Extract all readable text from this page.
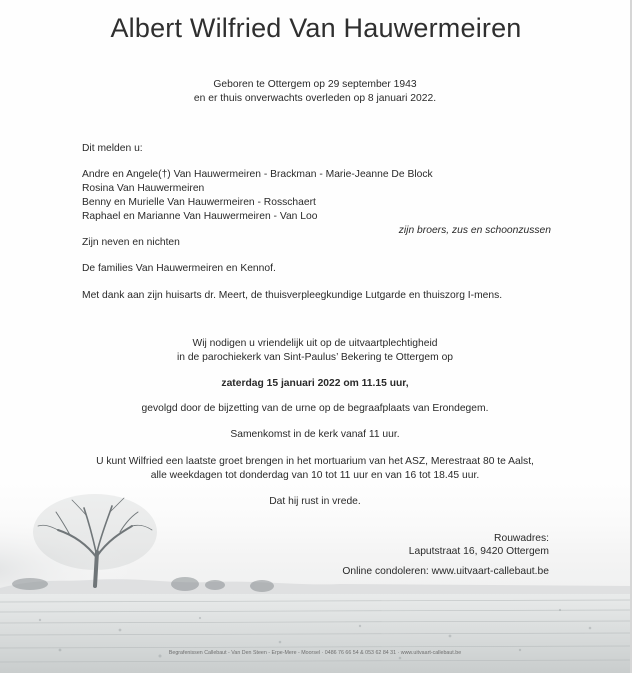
Albert Wilfried Van Hauwermeiren
Geboren te Ottergem op 29 september 1943
en er thuis onverwachts overleden op 8 januari 2022.
Dit melden u:
Andre en Angele(†) Van Hauwermeiren - Brackman - Marie-Jeanne De Block
Rosina Van Hauwermeiren
Benny en Murielle Van Hauwermeiren - Rosschaert
Raphael en Marianne Van Hauwermeiren - Van Loo
zijn broers, zus en schoonzussen
Zijn neven en nichten
De families Van Hauwermeiren en Kennof.
Met dank aan zijn huisarts dr. Meert, de thuisverpleegkundige Lutgarde en thuiszorg I-mens.
Wij nodigen u vriendelijk uit op de uitvaartplechtigheid
in de parochiekerk van Sint-Paulus’ Bekering te Ottergem op
zaterdag 15 januari 2022 om 11.15 uur,
gevolgd door de bijzetting van de urne op de begraafplaats van Erondegem.
Samenkomst in de kerk vanaf 11 uur.
U kunt Wilfried een laatste groet brengen in het mortuarium van het ASZ, Merestraat 80 te Aalst,
alle weekdagen tot donderdag van 10 tot 11 uur en van 16 tot 18.45 uur.
Dat hij rust in vrede.
Rouwadres:
Laputstraat 16, 9420 Ottergem
Online condoleren: www.uitvaart-callebaut.be
Begrafenissen Callebaut - Van Den Steen - Erpe-Mere - Moorsel · 0486 76 66 54 & 053 62 84 31 · www.uitvaart-callebaut.be
